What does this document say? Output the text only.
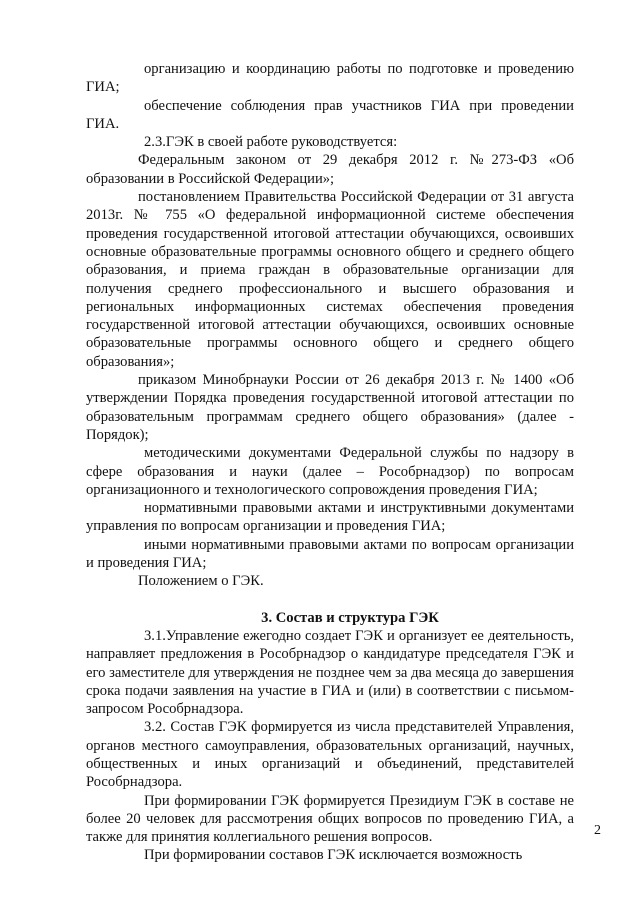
организацию и координацию работы по подготовке и проведению ГИА;

обеспечение соблюдения прав участников ГИА при проведении ГИА.

2.3.ГЭК в своей работе руководствуется:

Федеральным законом от 29 декабря 2012 г. №273-ФЗ «Об образовании в Российской Федерации»;

постановлением Правительства Российской Федерации от 31 августа 2013г. № 755 «О федеральной информационной системе обеспечения проведения государственной итоговой аттестации обучающихся, освоивших основные образовательные программы основного общего и среднего общего образования, и приема граждан в образовательные организации для получения среднего профессионального и высшего образования и региональных информационных системах обеспечения проведения государственной итоговой аттестации обучающихся, освоивших основные образовательные программы основного общего и среднего общего образования»;

приказом Минобрнауки России от 26 декабря 2013 г. № 1400 «Об утверждении Порядка проведения государственной итоговой аттестации по образовательным программам среднего общего образования» (далее - Порядок);

методическими документами Федеральной службы по надзору в сфере образования и науки (далее – Рособрнадзор) по вопросам организационного и технологического сопровождения проведения ГИА;

нормативными правовыми актами и инструктивными документами управления по вопросам организации и проведения ГИА;

иными нормативными правовыми актами по вопросам организации и проведения ГИА;

Положением о ГЭК.

3. Состав и структура ГЭК

3.1.Управление ежегодно создает ГЭК и организует ее деятельность, направляет предложения в Рособрнадзор о кандидатуре председателя ГЭК и его заместителе для утверждения не позднее чем за два месяца до завершения срока подачи заявления на участие в ГИА и (или) в соответствии с письмом-запросом Рособрнадзора.

3.2. Состав ГЭК формируется из числа представителей Управления, органов местного самоуправления, образовательных организаций, научных, общественных и иных организаций и объединений, представителей Рособрнадзора.

При формировании ГЭК формируется Президиум ГЭК в составе не более 20 человек для рассмотрения общих вопросов по проведению ГИА, а также для принятия коллегиального решения вопросов.

При формировании составов ГЭК исключается возможность

2
